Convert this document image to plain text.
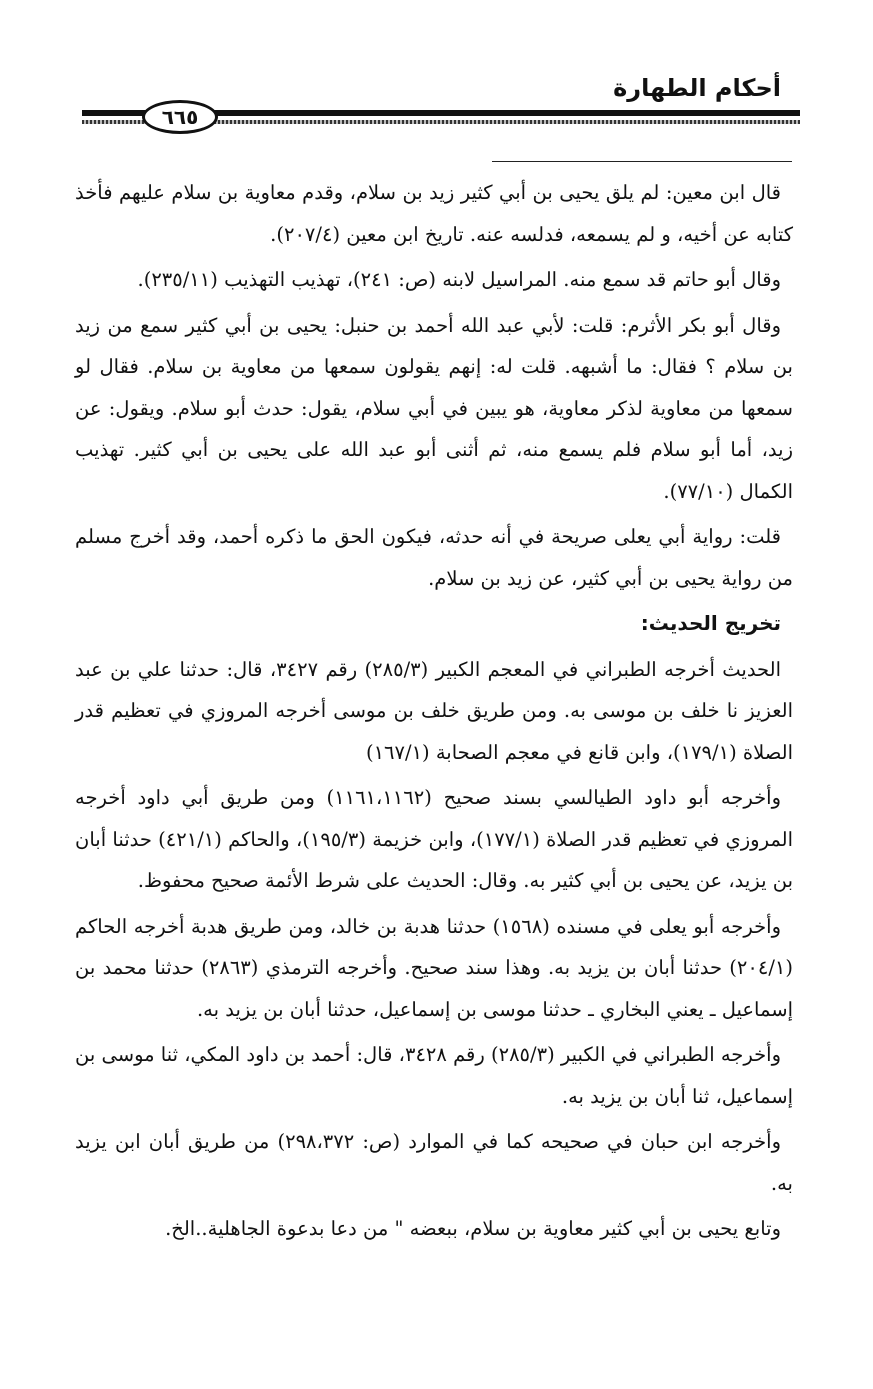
أحكام الطهارة
٦٦٥

قال ابن معين: لم يلق يحيى بن أبي كثير زيد بن سلام، وقدم معاوية بن سلام عليهم فأخذ كتابه عن أخيه، و لم يسمعه، فدلسه عنه. تاريخ ابن معين (٢٠٧/٤).

وقال أبو حاتم قد سمع منه. المراسيل لابنه (ص: ٢٤١)، تهذيب التهذيب (٢٣٥/١١).

وقال أبو بكر الأثرم: قلت: لأبي عبد الله أحمد بن حنبل: يحيى بن أبي كثير سمع من زيد بن سلام ؟ فقال: ما أشبهه. قلت له: إنهم يقولون سمعها من معاوية بن سلام. فقال لو سمعها من معاوية لذكر معاوية، هو يبين في أبي سلام، يقول: حدث أبو سلام. ويقول: عن زيد، أما أبو سلام فلم يسمع منه، ثم أثنى أبو عبد الله على يحيى بن أبي كثير. تهذيب الكمال (٧٧/١٠).

قلت: رواية أبي يعلى صريحة في أنه حدثه، فيكون الحق ما ذكره أحمد، وقد أخرج مسلم من رواية يحيى بن أبي كثير، عن زيد بن سلام.

تخريج الحديث:

الحديث أخرجه الطبراني في المعجم الكبير (٢٨٥/٣) رقم ٣٤٢٧، قال: حدثنا علي بن عبد العزيز نا خلف بن موسى به. ومن طريق خلف بن موسى أخرجه المروزي في تعظيم قدر الصلاة (١٧٩/١)، وابن قانع في معجم الصحابة (١٦٧/١)

وأخرجه أبو داود الطيالسي بسند صحيح (١١٦١،١١٦٢) ومن طريق أبي داود أخرجه المروزي في تعظيم قدر الصلاة (١٧٧/١)، وابن خزيمة (١٩٥/٣)، والحاكم (٤٢١/١) حدثنا أبان بن يزيد، عن يحيى بن أبي كثير به. وقال: الحديث على شرط الأئمة صحيح محفوظ.

وأخرجه أبو يعلى في مسنده (١٥٦٨) حدثنا هدبة بن خالد، ومن طريق هدبة أخرجه الحاكم (٢٠٤/١) حدثنا أبان بن يزيد به. وهذا سند صحيح. وأخرجه الترمذي (٢٨٦٣) حدثنا محمد بن إسماعيل ـ يعني البخاري ـ حدثنا موسى بن إسماعيل، حدثنا أبان بن يزيد به.

وأخرجه الطبراني في الكبير (٢٨٥/٣) رقم ٣٤٢٨، قال: أحمد بن داود المكي، ثنا موسى بن إسماعيل، ثنا أبان بن يزيد به.

وأخرجه ابن حبان في صحيحه كما في الموارد (ص: ٢٩٨،٣٧٢) من طريق أبان ابن يزيد به.

وتابع يحيى بن أبي كثير معاوية بن سلام، ببعضه " من دعا بدعوة الجاهلية..الخ.
